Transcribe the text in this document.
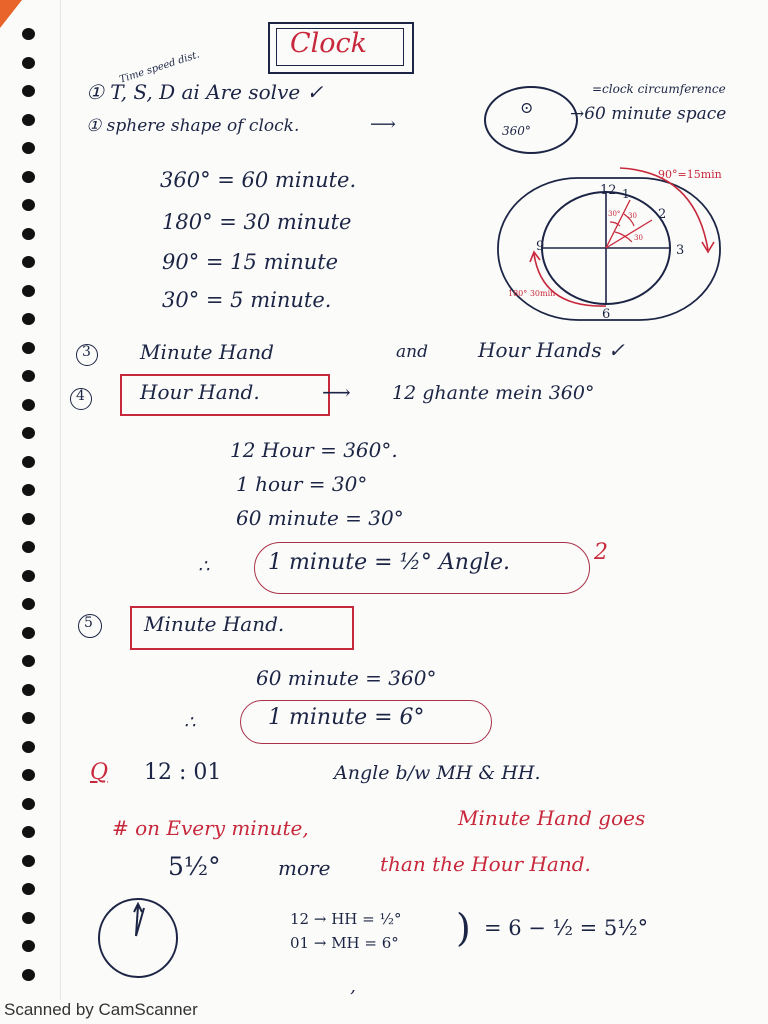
Clock
Time speed dist.
① T, S, D ai Are solve ✓
① sphere shape of clock.	⟶
⊙
360°
=clock circumference
→60 minute space
360° = 60 minute.
180° = 30 minute
90° = 15 minute
30° = 5 minute.
12 1
2
3
6
9
30° 30
30
90°=15min
180° 30min
3 Minute Hand	and	Hour Hands ✓
4	Hour Hand.	⟶ 12 ghante mein 360°
12 Hour = 360°.
1 hour = 30°
60 minute = 30°
∴	1 minute = ½° Angle.	2
5	Minute Hand.
60 minute = 360°
∴	1 minute = 6°
Q 12 : 01	Angle b/w MH & HH.
# on Every minute,	Minute Hand goes
5½°	more than the Hour Hand.
12 → HH = ½°
01 → MH = 6° ) = 6 − ½ = 5½°
‚
Scanned by CamScanner
